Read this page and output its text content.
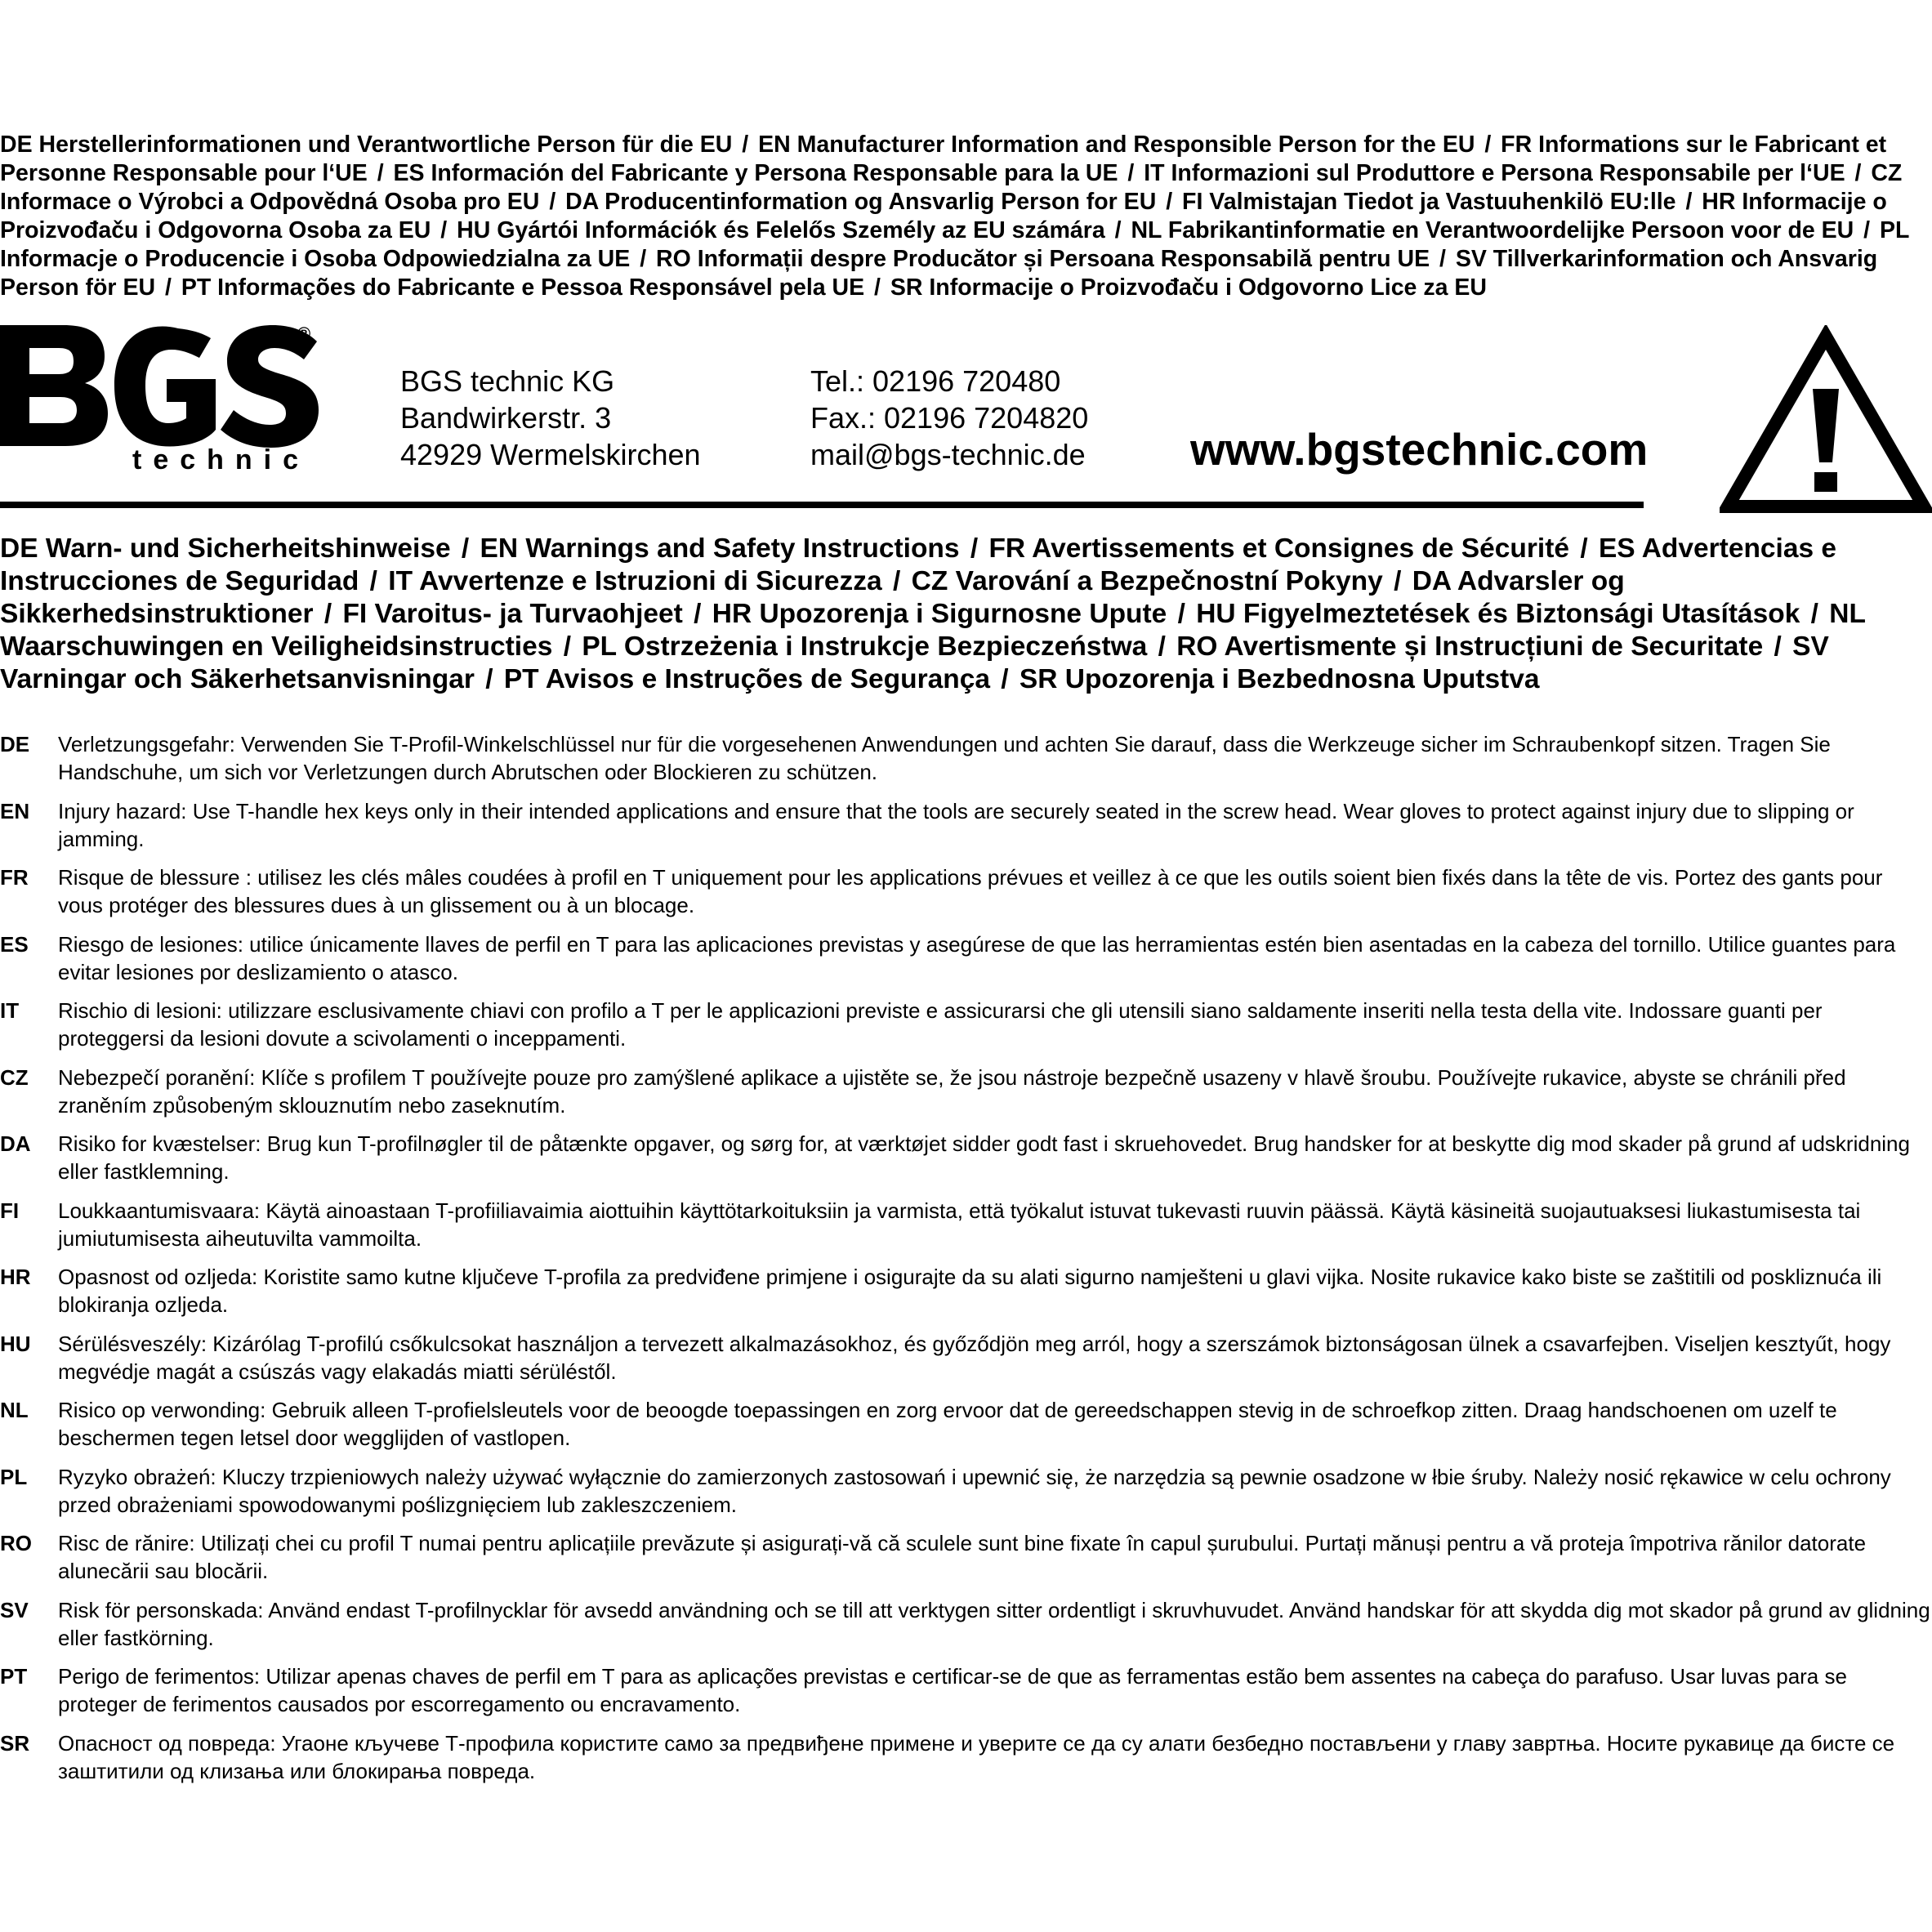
DE Herstellerinformationen und Verantwortliche Person für die EU / EN Manufacturer Information and Responsible Person for the EU / FR Informations sur le Fabricant et Personne Responsable pour l‘UE / ES Información del Fabricante y Persona Responsable para la UE / IT Informazioni sul Produttore e Persona Responsabile per l‘UE / CZ Informace o Výrobci a Odpovědná Osoba pro EU / DA Producentinformation og Ansvarlig Person for EU / FI Valmistajan Tiedot ja Vastuuhenkilö EU:lle / HR Informacije o Proizvođaču i Odgovorna Osoba za EU / HU Gyártói Információk és Felelős Személy az EU számára / NL Fabrikantinformatie en Verantwoordelijke Persoon voor de EU / PL Informacje o Producencie i Osoba Odpowiedzialna za UE / RO Informații despre Producător și Persoana Responsabilă pentru UE / SV Tillverkarinformation och Ansvarig Person för EU / PT Informações do Fabricante e Pessoa Responsável pela UE / SR Informacije o Proizvođaču i Odgovorno Lice za EU

®
technic
BGS technic KG
Bandwirkerstr. 3
42929 Wermelskirchen
Tel.: 02196 720480
Fax.: 02196 7204820
mail@bgs-technic.de www.bgstechnic.com

DE Warn- und Sicherheitshinweise / EN Warnings and Safety Instructions / FR Avertissements et Consignes de Sécurité / ES Advertencias e Instrucciones de Seguridad / IT Avvertenze e Istruzioni di Sicurezza / CZ Varování a Bezpečnostní Pokyny / DA Advarsler og Sikkerhedsinstruktioner / FI Varoitus- ja Turvaohjeet / HR Upozorenja i Sigurnosne Upute / HU Figyelmeztetések és Biztonsági Utasítások / NL Waarschuwingen en Veiligheidsinstructies / PL Ostrzeżenia i Instrukcje Bezpieczeństwa / RO Avertismente și Instrucțiuni de Securitate / SV Varningar och Säkerhetsanvisningar / PT Avisos e Instruções de Segurança / SR Upozorenja i Bezbednosna Uputstva

DE Verletzungsgefahr: Verwenden Sie T-Profil-Winkelschlüssel nur für die vorgesehenen Anwendungen und achten Sie darauf, dass die Werkzeuge sicher im Schraubenkopf sitzen. Tragen Sie Handschuhe, um sich vor Verletzungen durch Abrutschen oder Blockieren zu schützen.
EN Injury hazard: Use T-handle hex keys only in their intended applications and ensure that the tools are securely seated in the screw head. Wear gloves to protect against injury due to slipping or jamming.
FR Risque de blessure : utilisez les clés mâles coudées à profil en T uniquement pour les applications prévues et veillez à ce que les outils soient bien fixés dans la tête de vis. Portez des gants pour vous protéger des blessures dues à un glissement ou à un blocage.
ES Riesgo de lesiones: utilice únicamente llaves de perfil en T para las aplicaciones previstas y asegúrese de que las herramientas estén bien asentadas en la cabeza del tornillo. Utilice guantes para evitar lesiones por deslizamiento o atasco.
IT Rischio di lesioni: utilizzare esclusivamente chiavi con profilo a T per le applicazioni previste e assicurarsi che gli utensili siano saldamente inseriti nella testa della vite. Indossare guanti per proteggersi da lesioni dovute a scivolamenti o inceppamenti.
CZ Nebezpečí poranění: Klíče s profilem T používejte pouze pro zamýšlené aplikace a ujistěte se, že jsou nástroje bezpečně usazeny v hlavě šroubu. Používejte rukavice, abyste se chránili před zraněním způsobeným sklouznutím nebo zaseknutím.
DA Risiko for kvæstelser: Brug kun T-profilnøgler til de påtænkte opgaver, og sørg for, at værktøjet sidder godt fast i skruehovedet. Brug handsker for at beskytte dig mod skader på grund af udskridning eller fastklemning.
FI Loukkaantumisvaara: Käytä ainoastaan T-profiiliavaimia aiottuihin käyttötarkoituksiin ja varmista, että työkalut istuvat tukevasti ruuvin päässä. Käytä käsineitä suojautuaksesi liukastumisesta tai jumiutumisesta aiheutuvilta vammoilta.
HR Opasnost od ozljeda: Koristite samo kutne ključeve T-profila za predviđene primjene i osigurajte da su alati sigurno namješteni u glavi vijka. Nosite rukavice kako biste se zaštitili od poskliznuća ili blokiranja ozljeda.
HU Sérülésveszély: Kizárólag T-profilú csőkulcsokat használjon a tervezett alkalmazásokhoz, és győződjön meg arról, hogy a szerszámok biztonságosan ülnek a csavarfejben. Viseljen kesztyűt, hogy megvédje magát a csúszás vagy elakadás miatti sérüléstől.
NL Risico op verwonding: Gebruik alleen T-profielsleutels voor de beoogde toepassingen en zorg ervoor dat de gereedschappen stevig in de schroefkop zitten. Draag handschoenen om uzelf te beschermen tegen letsel door wegglijden of vastlopen.
PL Ryzyko obrażeń: Kluczy trzpieniowych należy używać wyłącznie do zamierzonych zastosowań i upewnić się, że narzędzia są pewnie osadzone w łbie śruby. Należy nosić rękawice w celu ochrony przed obrażeniami spowodowanymi poślizgnięciem lub zakleszczeniem.
RO Risc de rănire: Utilizați chei cu profil T numai pentru aplicațiile prevăzute și asigurați-vă că sculele sunt bine fixate în capul șurubului. Purtați mănuși pentru a vă proteja împotriva rănilor datorate alunecării sau blocării.
SV Risk för personskada: Använd endast T-profilnycklar för avsedd användning och se till att verktygen sitter ordentligt i skruvhuvudet. Använd handskar för att skydda dig mot skador på grund av glidning eller fastkörning.
PT Perigo de ferimentos: Utilizar apenas chaves de perfil em T para as aplicações previstas e certificar-se de que as ferramentas estão bem assentes na cabeça do parafuso. Usar luvas para se proteger de ferimentos causados por escorregamento ou encravamento.
SR Опасност од повреда: Угаоне кључеве Т-профила користите само за предвиђене примене и уверите се да су алати безбедно постављени у главу завртња. Носите рукавице да бисте се заштитили од клизања или блокирања повреда.
